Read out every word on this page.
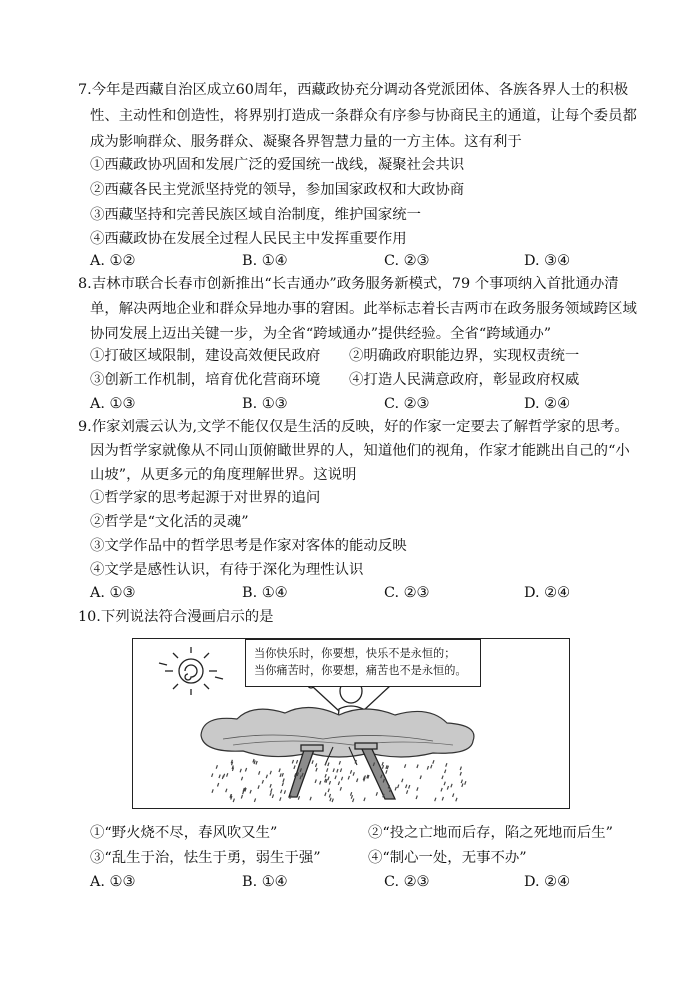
7.今年是西藏自治区成立60周年，西藏政协充分调动各党派团体、各族各界人士的积极
性、主动性和创造性，将界别打造成一条群众有序参与协商民主的通道，让每个委员都
成为影响群众、服务群众、凝聚各界智慧力量的一方主体。这有利于
①西藏政协巩固和发展广泛的爱国统一战线，凝聚社会共识
②西藏各民主党派坚持党的领导，参加国家政权和大政协商
③西藏坚持和完善民族区域自治制度，维护国家统一
④西藏政协在发展全过程人民民主中发挥重要作用
A. ①②	B. ①④	C. ②③	D. ③④
8.吉林市联合长春市创新推出“长吉通办”政务服务新模式，79 个事项纳入首批通办清
单，解决两地企业和群众异地办事的窘困。此举标志着长吉两市在政务服务领域跨区域
协同发展上迈出关键一步，为全省“跨域通办”提供经验。全省“跨域通办”
①打破区域限制，建设高效便民政府　　②明确政府职能边界，实现权责统一
③创新工作机制，培育优化营商环境　　④打造人民满意政府，彰显政府权威
A. ①③	B. ①③	C. ②③	D. ②④
9.作家刘震云认为,文学不能仅仅是生活的反映，好的作家一定要去了解哲学家的思考。
因为哲学家就像从不同山顶俯瞰世界的人，知道他们的视角，作家才能跳出自己的“小
山坡”，从更多元的角度理解世界。这说明
①哲学家的思考起源于对世界的追问
②哲学是“文化活的灵魂”
③文学作品中的哲学思考是作家对客体的能动反映
④文学是感性认识，有待于深化为理性认识
A. ①③	B. ①④	C. ②③	D. ②④
10.下列说法符合漫画启示的是
当你快乐时，你要想，快乐不是永恒的；
当你痛苦时，你要想，痛苦也不是永恒的。
①“野火烧不尽，春风吹又生”	②“投之亡地而后存，陷之死地而后生”
③“乱生于治，怯生于勇，弱生于强”	④“制心一处，无事不办”
A. ①③	B. ①④	C. ②③	D. ②④
